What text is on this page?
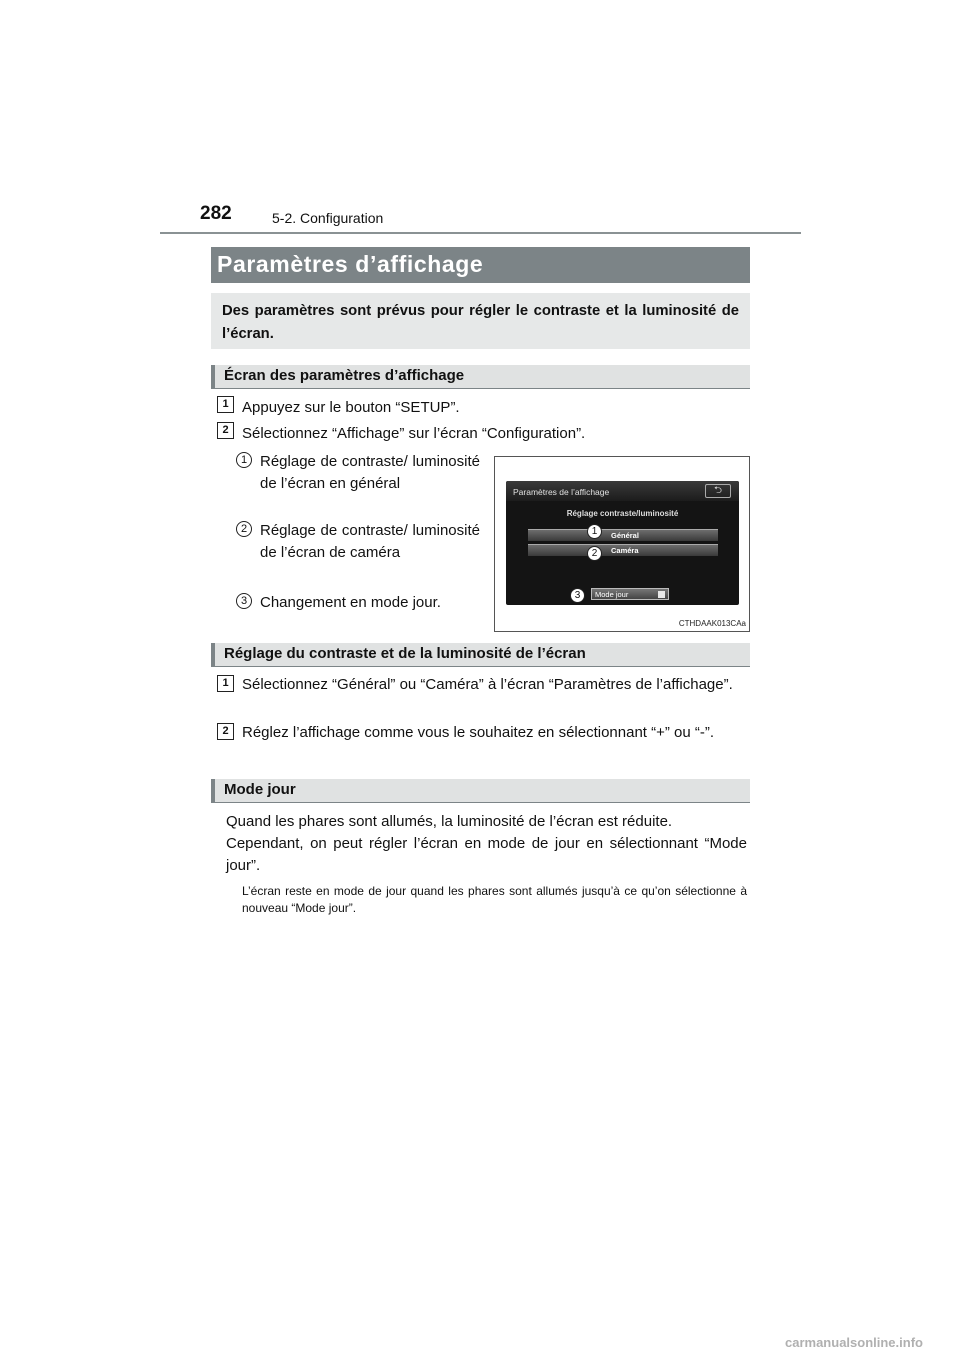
282	5-2. Configuration
Paramètres d’affichage

Des paramètres sont prévus pour régler le contraste et la luminosité de l’écran.

Écran des paramètres d’affichage
1 Appuyez sur le bouton “SETUP”.
2 Sélectionnez “Affichage” sur l’écran “Configuration”.
1 Réglage de contraste/ luminosité de l’écran en général
2 Réglage de contraste/ luminosité de l’écran de caméra
3 Changement en mode jour.
Paramètres de l’affichage	⮌
Réglage contraste/luminosité
Général
Caméra
Mode jour
1
2
3
CTHDAAK013CAa
Réglage du contraste et de la luminosité de l’écran
1 Sélectionnez “Général” ou “Caméra” à l’écran “Paramètres de l’affichage”.
2 Réglez l’affichage comme vous le souhaitez en sélectionnant “+” ou “-”.
Mode jour
Quand les phares sont allumés, la luminosité de l’écran est réduite.
Cependant, on peut régler l’écran en mode de jour en sélectionnant “Mode jour”.
L’écran reste en mode de jour quand les phares sont allumés jusqu’à ce qu’on sélectionne à nouveau “Mode jour”.
carmanualsonline.info
